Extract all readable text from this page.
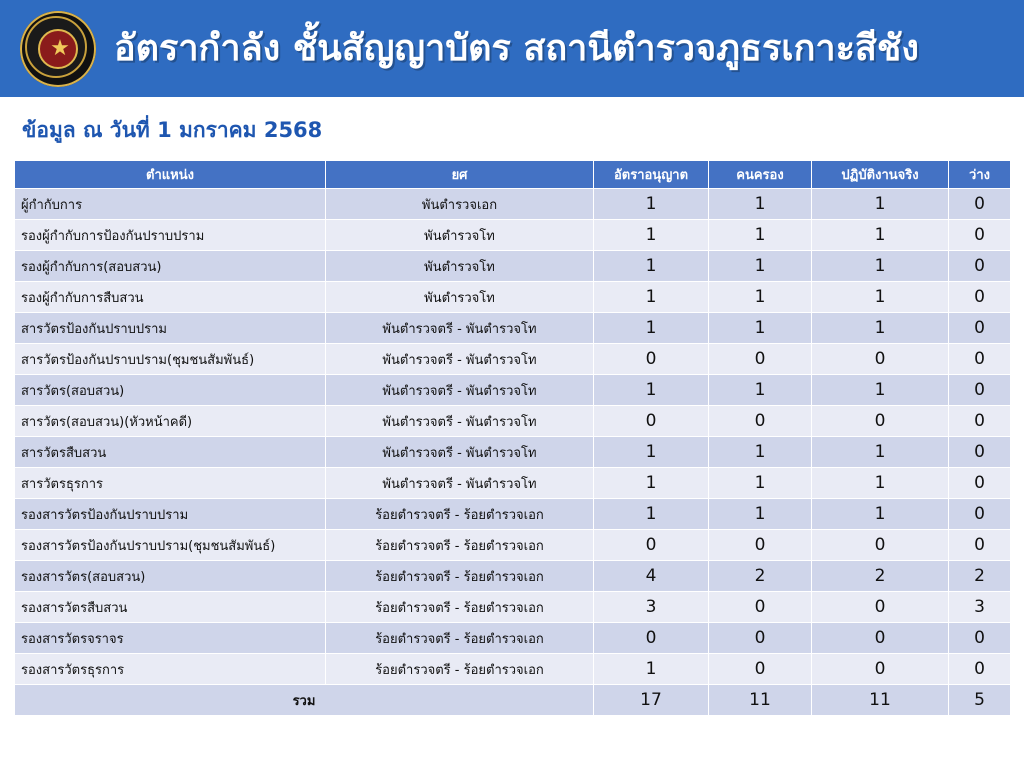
★ อัตรากำลัง ชั้นสัญญาบัตร สถานีตำรวจภูธรเกาะสีชัง
ข้อมูล ณ วันที่ 1 มกราคม 2568
ตำแหน่ง	ยศ	อัตราอนุญาต	คนครอง	ปฏิบัติงานจริง	ว่าง
ผู้กำกับการ	พันตำรวจเอก	1	1	1	0
รองผู้กำกับการป้องกันปราบปราม	พันตำรวจโท	1	1	1	0
รองผู้กำกับการ(สอบสวน)	พันตำรวจโท	1	1	1	0
รองผู้กำกับการสืบสวน	พันตำรวจโท	1	1	1	0
สารวัตรป้องกันปราบปราม	พันตำรวจตรี - พันตำรวจโท	1	1	1	0
สารวัตรป้องกันปราบปราม(ชุมชนสัมพันธ์)	พันตำรวจตรี - พันตำรวจโท	0	0	0	0
สารวัตร(สอบสวน)	พันตำรวจตรี - พันตำรวจโท	1	1	1	0
สารวัตร(สอบสวน)(หัวหน้าคดี)	พันตำรวจตรี - พันตำรวจโท	0	0	0	0
สารวัตรสืบสวน	พันตำรวจตรี - พันตำรวจโท	1	1	1	0
สารวัตรธุรการ	พันตำรวจตรี - พันตำรวจโท	1	1	1	0
รองสารวัตรป้องกันปราบปราม	ร้อยตำรวจตรี - ร้อยตำรวจเอก	1	1	1	0
รองสารวัตรป้องกันปราบปราม(ชุมชนสัมพันธ์)	ร้อยตำรวจตรี - ร้อยตำรวจเอก	0	0	0	0
รองสารวัตร(สอบสวน)	ร้อยตำรวจตรี - ร้อยตำรวจเอก	4	2	2	2
รองสารวัตรสืบสวน	ร้อยตำรวจตรี - ร้อยตำรวจเอก	3	0	0	3
รองสารวัตรจราจร	ร้อยตำรวจตรี - ร้อยตำรวจเอก	0	0	0	0
รองสารวัตรธุรการ	ร้อยตำรวจตรี - ร้อยตำรวจเอก	1	0	0	0
รวม		17	11	11	5
